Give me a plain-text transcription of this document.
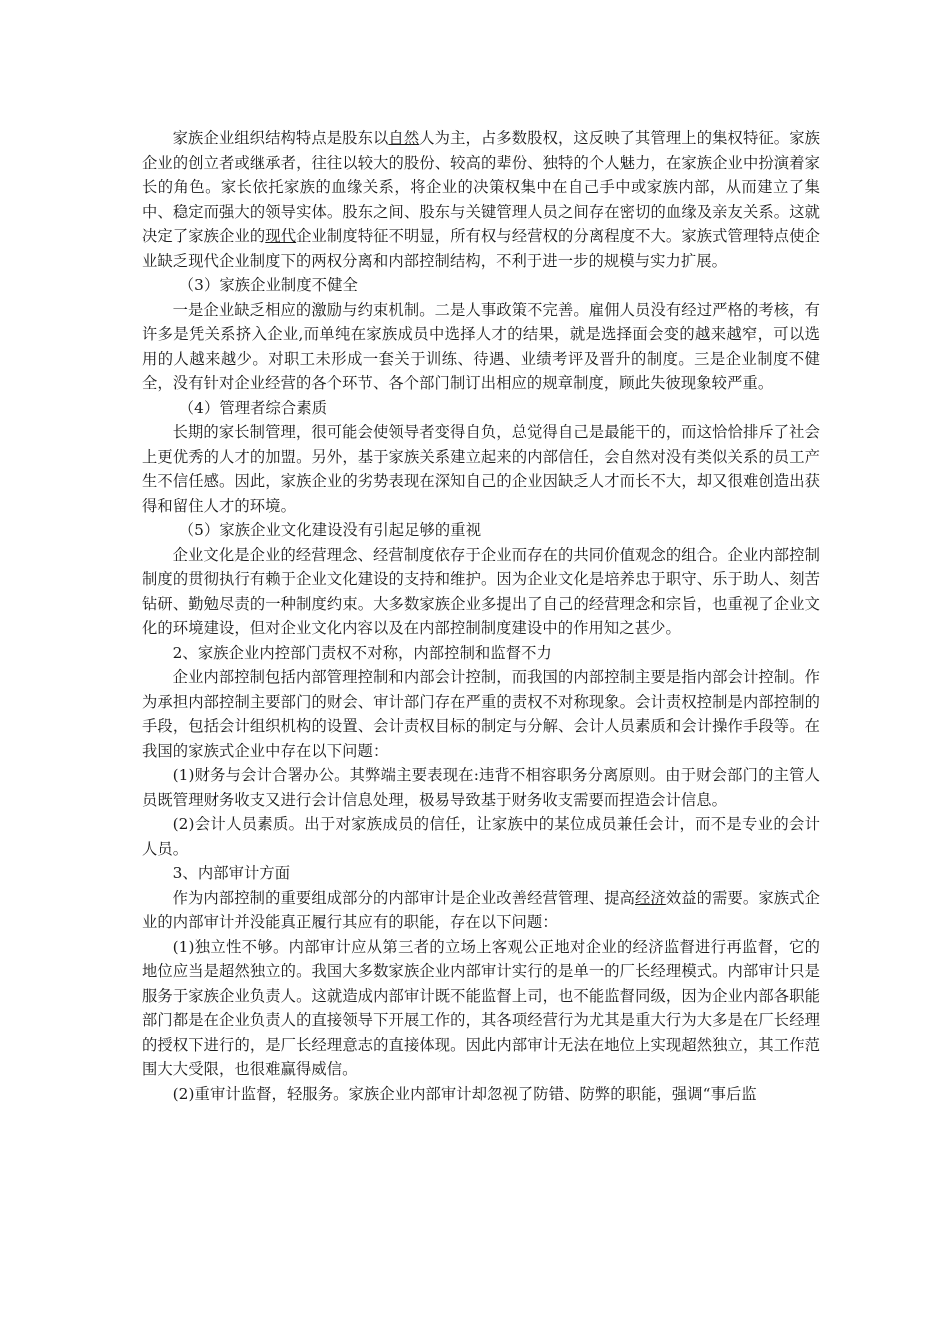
家族企业组织结构特点是股东以自然人为主，占多数股权，这反映了其管理上的集权特征。家族企业的创立者或继承者，往往以较大的股份、较高的辈份、独特的个人魅力，在家族企业中扮演着家长的角色。家长依托家族的血缘关系，将企业的决策权集中在自己手中或家族内部，从而建立了集中、稳定而强大的领导实体。股东之间、股东与关键管理人员之间存在密切的血缘及亲友关系。这就决定了家族企业的现代企业制度特征不明显，所有权与经营权的分离程度不大。家族式管理特点使企业缺乏现代企业制度下的两权分离和内部控制结构，不利于进一步的规模与实力扩展。

（3）家族企业制度不健全

一是企业缺乏相应的激励与约束机制。二是人事政策不完善。雇佣人员没有经过严格的考核，有许多是凭关系挤入企业,而单纯在家族成员中选择人才的结果，就是选择面会变的越来越窄，可以选用的人越来越少。对职工未形成一套关于训练、待遇、业绩考评及晋升的制度。三是企业制度不健全，没有针对企业经营的各个环节、各个部门制订出相应的规章制度，顾此失彼现象较严重。

（4）管理者综合素质

长期的家长制管理，很可能会使领导者变得自负，总觉得自己是最能干的，而这恰恰排斥了社会上更优秀的人才的加盟。另外，基于家族关系建立起来的内部信任，会自然对没有类似关系的员工产生不信任感。因此，家族企业的劣势表现在深知自己的企业因缺乏人才而长不大，却又很难创造出获得和留住人才的环境。

（5）家族企业文化建设没有引起足够的重视

企业文化是企业的经营理念、经营制度依存于企业而存在的共同价值观念的组合。企业内部控制制度的贯彻执行有赖于企业文化建设的支持和维护。因为企业文化是培养忠于职守、乐于助人、刻苦钻研、勤勉尽责的一种制度约束。大多数家族企业多提出了自己的经营理念和宗旨，也重视了企业文化的环境建设，但对企业文化内容以及在内部控制制度建设中的作用知之甚少。

2、家族企业内控部门责权不对称，内部控制和监督不力

企业内部控制包括内部管理控制和内部会计控制，而我国的内部控制主要是指内部会计控制。作为承担内部控制主要部门的财会、审计部门存在严重的责权不对称现象。会计责权控制是内部控制的手段，包括会计组织机构的设置、会计责权目标的制定与分解、会计人员素质和会计操作手段等。在我国的家族式企业中存在以下问题：

(1)财务与会计合署办公。其弊端主要表现在:违背不相容职务分离原则。由于财会部门的主管人员既管理财务收支又进行会计信息处理，极易导致基于财务收支需要而捏造会计信息。

(2)会计人员素质。出于对家族成员的信任，让家族中的某位成员兼任会计，而不是专业的会计人员。

3、内部审计方面

作为内部控制的重要组成部分的内部审计是企业改善经营管理、提高经济效益的需要。家族式企业的内部审计并没能真正履行其应有的职能，存在以下问题：

(1)独立性不够。内部审计应从第三者的立场上客观公正地对企业的经济监督进行再监督，它的地位应当是超然独立的。我国大多数家族企业内部审计实行的是单一的厂长经理模式。内部审计只是服务于家族企业负责人。这就造成内部审计既不能监督上司，也不能监督同级，因为企业内部各职能部门都是在企业负责人的直接领导下开展工作的，其各项经营行为尤其是重大行为大多是在厂长经理的授权下进行的，是厂长经理意志的直接体现。因此内部审计无法在地位上实现超然独立，其工作范围大大受限，也很难赢得威信。

(2)重审计监督，轻服务。家族企业内部审计却忽视了防错、防弊的职能，强调“事后监
